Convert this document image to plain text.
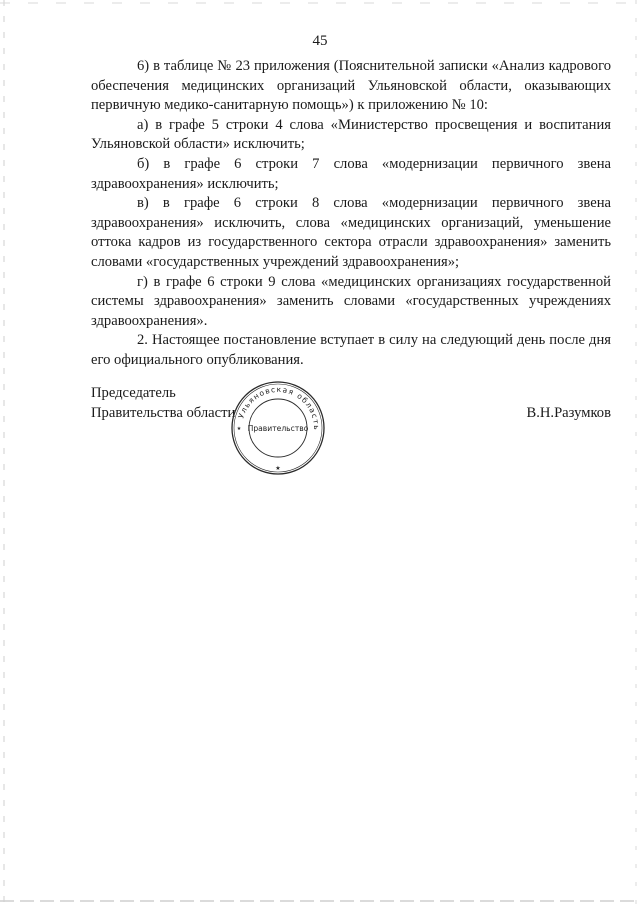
45

6) в таблице № 23 приложения (Пояснительной записки «Анализ кадрового обеспечения медицинских организаций Ульяновской области, оказывающих первичную медико-санитарную помощь») к приложению № 10:

а) в графе 5 строки 4 слова «Министерство просвещения и воспитания Ульяновской области» исключить;

б) в графе 6 строки 7 слова «модернизации первичного звена здравоохранения» исключить;

в) в графе 6 строки 8 слова «модернизации первичного звена здравоохранения» исключить, слова «медицинских организаций, уменьшение оттока кадров из государственного сектора отрасли здравоохранения» заменить словами «государственных учреждений здравоохранения»;

г) в графе 6 строки 9 слова «медицинских организациях государственной системы здравоохранения» заменить словами «государственных учреждениях здравоохранения».

2. Настоящее постановление вступает в силу на следующий день после дня его официального опубликования.

Председатель
Правительства области	В.Н.Разумков
Ульяновская область
Правительство
★
★
